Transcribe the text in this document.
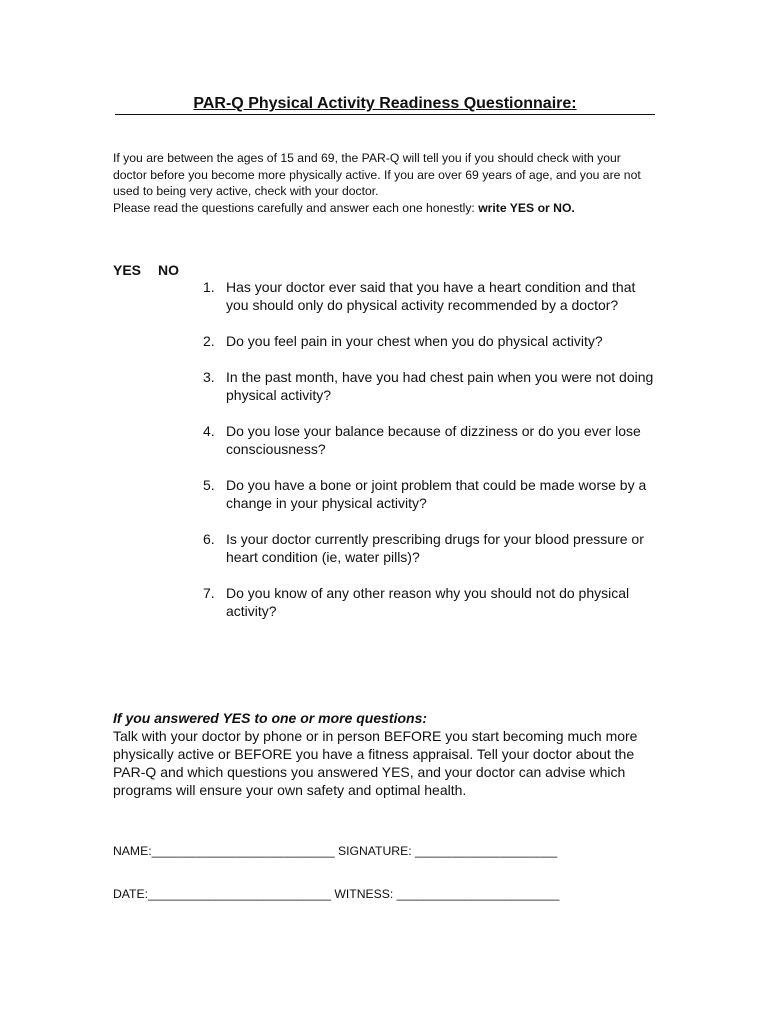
PAR-Q Physical Activity Readiness Questionnaire:

If you are between the ages of 15 and 69, the PAR-Q will tell you if you should check with your doctor before you become more physically active. If you are over 69 years of age, and you are not used to being very active, check with your doctor.

Please read the questions carefully and answer each one honestly: write YES or NO.

YES NO
1. Has your doctor ever said that you have a heart condition and that you should only do physical activity recommended by a doctor?
2. Do you feel pain in your chest when you do physical activity?
3. In the past month, have you had chest pain when you were not doing physical activity?
4. Do you lose your balance because of dizziness or do you ever lose consciousness?
5. Do you have a bone or joint problem that could be made worse by a change in your physical activity?
6. Is your doctor currently prescribing drugs for your blood pressure or heart condition (ie, water pills)?
7. Do you know of any other reason why you should not do physical activity?
If you answered YES to one or more questions:
Talk with your doctor by phone or in person BEFORE you start becoming much more physically active or BEFORE you have a fitness appraisal. Tell your doctor about the PAR-Q and which questions you answered YES, and your doctor can advise which programs will ensure your own safety and optimal health.
NAME:___________________________ SIGNATURE: _____________________
DATE:___________________________ WITNESS: ________________________
